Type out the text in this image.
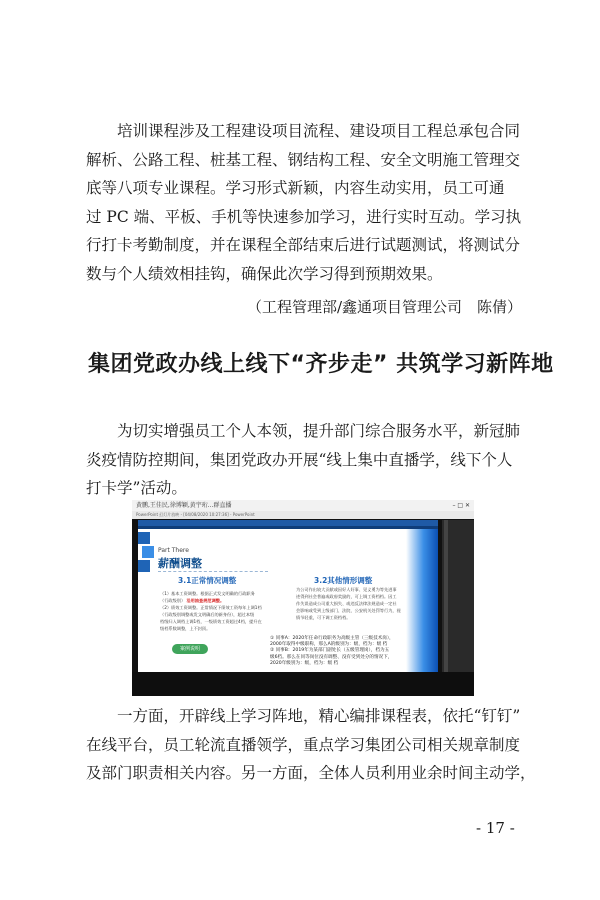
培训课程涉及工程建设项目流程、建设项目工程总承包合同
解析、公路工程、桩基工程、钢结构工程、安全文明施工管理交
底等八项专业课程。学习形式新颖，内容生动实用，员工可通
过 PC 端、平板、手机等快速参加学习，进行实时互动。学习执
行打卡考勤制度，并在课程全部结束后进行试题测试，将测试分
数与个人绩效相挂钩，确保此次学习得到预期效果。
（工程管理部/鑫通项目管理公司　陈倩）
集团党政办线上线下“齐步走” 共筑学习新阵地
为切实增强员工个人本领，提升部门综合服务水平，新冠肺
炎疫情防控期间，集团党政办开展“线上集中直播学，线下个人
打卡学”活动。
黄鹏,王佳民,徐博颖,黄宇珩...群直播	– □ ✕
PowerPoint 幻灯片放映 - [04/08/2020 10:27:36] - PowerPoint
Part There
薪酬调整
3.1正常情况调整	3.2其他情形调整
（1）基本工资调整。根据正式发文明确的行政职务
（行政级别） 沿用抽查规范调整。
（2）绩效工资调整。正常情况下绩效工资每年上调1档
（行政级别调整或发文明确后的新身份），超过本级
档级归入调档上调1档，一级绩效工资超过4档，提升在
级档系数调整，上不封顶。
为公司作出较大贡献或因好人好事、见义勇为等先进事
迹得到社会普遍或政府奖励的，可上调工资档档。因工
作失误造成公司重大损失、或违反法律法规造成一定社
会影响或受到上级部门、法院、公安机关处罚等行为，视
情节轻重，可下调工资档档。
案例说明
① 同事A：2020年任命行政职务为高级主管（三级技术岗），
2000年取得中级职称，那么A的级别为：级，档为：级 档
② 同事B：2019年为某部门副处长（五级管理岗），档为五
级6档。那么在同等岗位没有调整、没有受到处分的情况下，
2020年级别为：级，档为：级 档
一方面，开辟线上学习阵地，精心编排课程表，依托“钉钉”
在线平台，员工轮流直播领学，重点学习集团公司相关规章制度
及部门职责相关内容。另一方面，全体人员利用业余时间主动学，
- 17 -
